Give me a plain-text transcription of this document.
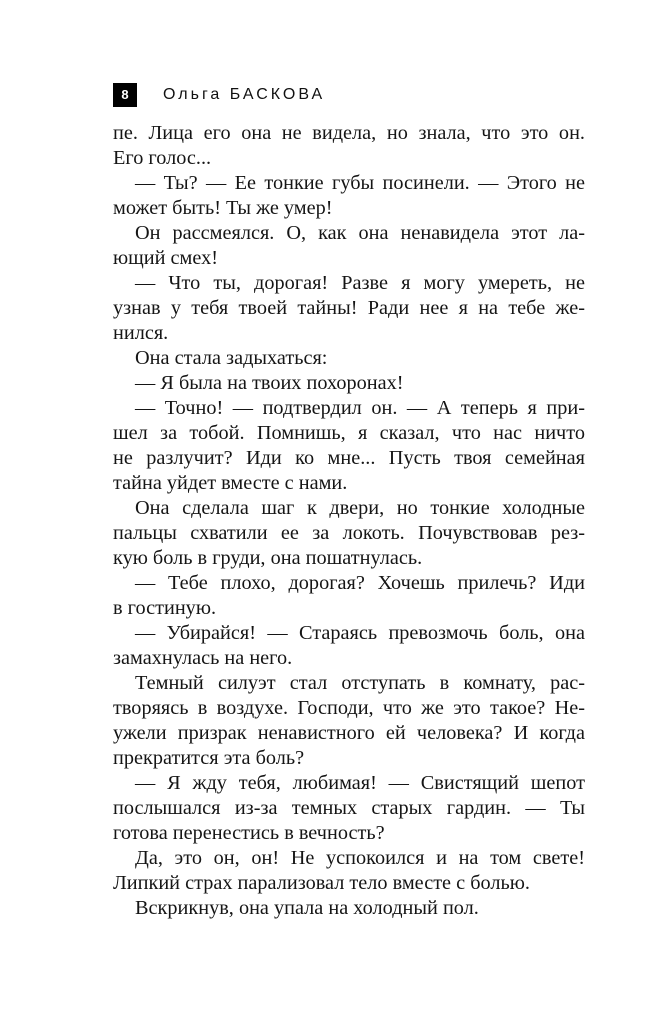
8	Ольга БАСКОВА
пе. Лица его она не видела, но знала, что это он.
Его голос...
— Ты? — Ее тонкие губы посинели. — Этого не
может быть! Ты же умер!
Он рассмеялся. О, как она ненавидела этот ла-
ющий смех!
— Что ты, дорогая! Разве я могу умереть, не
узнав у тебя твоей тайны! Ради нее я на тебе же-
нился.
Она стала задыхаться:
— Я была на твоих похоронах!
— Точно! — подтвердил он. — А теперь я при-
шел за тобой. Помнишь, я сказал, что нас ничто
не разлучит? Иди ко мне... Пусть твоя семейная
тайна уйдет вместе с нами.
Она сделала шаг к двери, но тонкие холодные
пальцы схватили ее за локоть. Почувствовав рез-
кую боль в груди, она пошатнулась.
— Тебе плохо, дорогая? Хочешь прилечь? Иди
в гостиную.
— Убирайся! — Стараясь превозмочь боль, она
замахнулась на него.
Темный силуэт стал отступать в комнату, рас-
творяясь в воздухе. Господи, что же это такое? Не-
ужели призрак ненавистного ей человека? И когда
прекратится эта боль?
— Я жду тебя, любимая! — Свистящий шепот
послышался из-за темных старых гардин. — Ты
готова перенестись в вечность?
Да, это он, он! Не успокоился и на том свете!
Липкий страх парализовал тело вместе с болью.
Вскрикнув, она упала на холодный пол.
